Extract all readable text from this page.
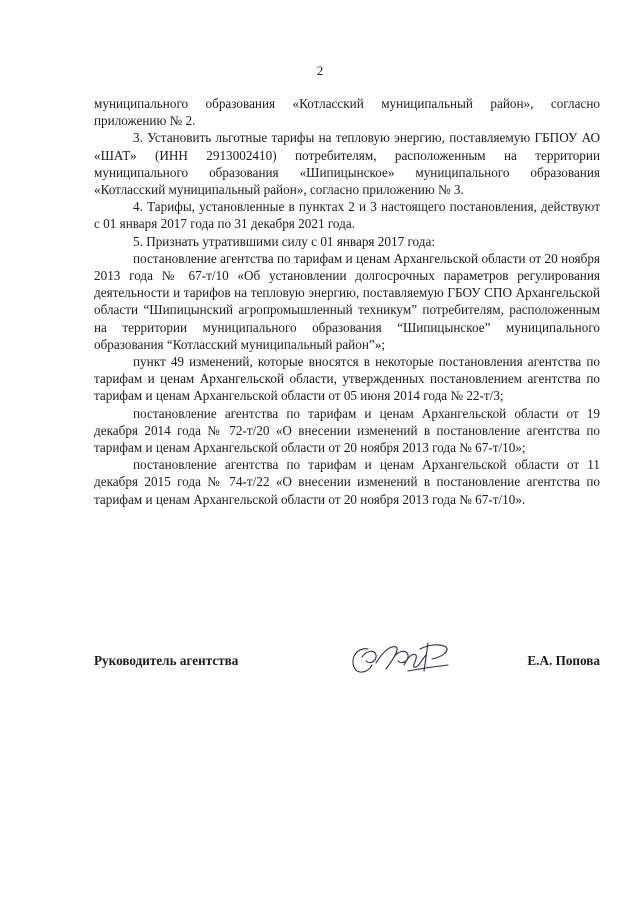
2

муниципального образования «Котласский муниципальный район», согласно приложению № 2.

3. Установить льготные тарифы на тепловую энергию, поставляемую ГБПОУ АО «ШАТ» (ИНН 2913002410) потребителям, расположенным на территории муниципального образования «Шипицынское» муниципального образования «Котласский муниципальный район», согласно приложению № 3.

4. Тарифы, установленные в пунктах 2 и 3 настоящего постановления, действуют с 01 января 2017 года по 31 декабря 2021 года.

5. Признать утратившими силу с 01 января 2017 года:

постановление агентства по тарифам и ценам Архангельской области от 20 ноября 2013 года № 67-т/10 «Об установлении долгосрочных параметров регулирования деятельности и тарифов на тепловую энергию, поставляемую ГБОУ СПО Архангельской области “Шипицынский агропромышленный техникум” потребителям, расположенным на территории муниципального образования “Шипицынское” муниципального образования “Котласский муниципальный район”»;

пункт 49 изменений, которые вносятся в некоторые постановления агентства по тарифам и ценам Архангельской области, утвержденных постановлением агентства по тарифам и ценам Архангельской области от 05 июня 2014 года № 22-т/3;

постановление агентства по тарифам и ценам Архангельской области от 19 декабря 2014 года № 72-т/20 «О внесении изменений в постановление агентства по тарифам и ценам Архангельской области от 20 ноября 2013 года № 67-т/10»;

постановление агентства по тарифам и ценам Архангельской области от 11 декабря 2015 года № 74-т/22 «О внесении изменений в постановление агентства по тарифам и ценам Архангельской области от 20 ноября 2013 года № 67-т/10».

Руководитель агентства	Е.А. Попова
